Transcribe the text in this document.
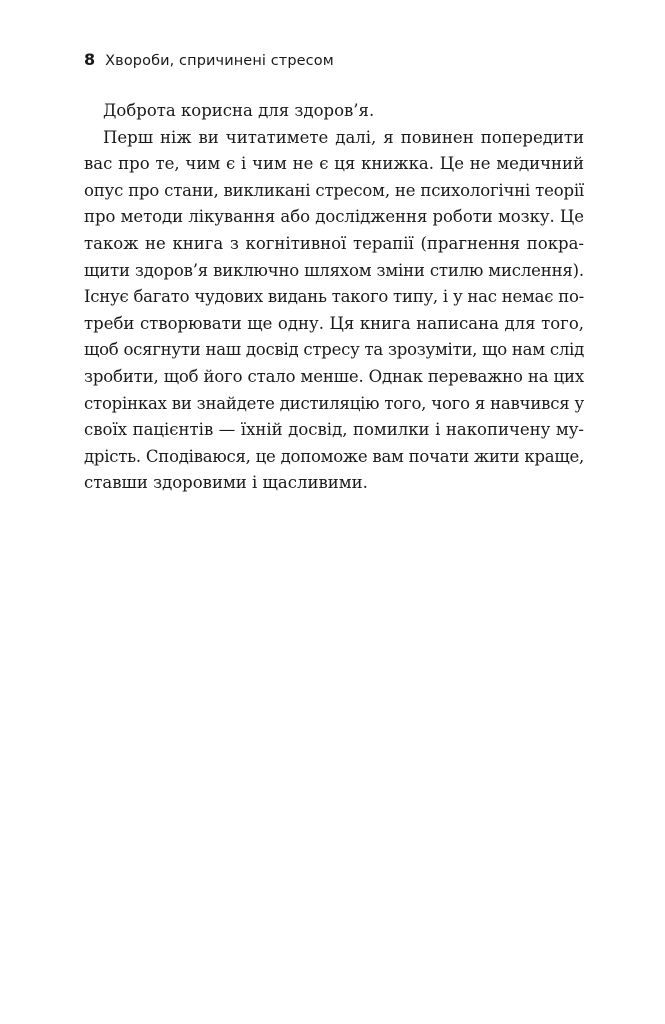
8 Хвороби, спричинені стресом

Доброта корисна для здоров’я.

Перш ніж ви читатимете далі, я повинен попередити
вас про те, чим є і чим не є ця книжка. Це не медичний
опус про стани, викликані стресом, не психологічні теорії
про методи лікування або дослідження роботи мозку. Це
також не книга з когнітивної терапії (прагнення покра-
щити здоров’я виключно шляхом зміни стилю мислення).
Існує багато чудових видань такого типу, і у нас немає по-
треби створювати ще одну. Ця книга написана для того,
щоб осягнути наш досвід стресу та зрозуміти, що нам слід
зробити, щоб його стало менше. Однак переважно на цих
сторінках ви знайдете дистиляцію того, чого я навчився у
своїх пацієнтів — їхній досвід, помилки і накопичену му-
дрість. Сподіваюся, це допоможе вам почати жити краще,
ставши здоровими і щасливими.
